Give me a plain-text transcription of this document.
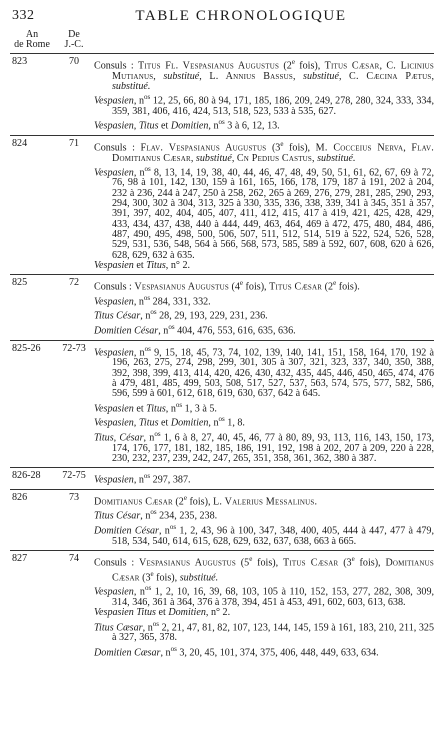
332	TABLE CHRONOLOGIQUE
An
de Rome
De
J.-C.
823	70	Consuls : Titus Fl. Vespasianus Augustus (2e fois), Titus Cæsar, C. Licinius Mutianus, substitué, L. Annius Bassus, substitué, C. Cæcina Pætus, substitué.
Vespasien, $n^{os}$ 12, 25, 66, 80 à 94, 171, 185, 186, 209, 249, 278, 280, 324, 333, 334, 359, 381, 406, 416, 424, 513, 518, 523, 533 à 535, 627.
Vespasien, Titus et Domitien, $n^{os}$ 3 à 6, 12, 13.
824	71	Consuls : Flav. Vespasianus Augustus (3e fois), M. Cocceius Nerva, Flav. Domitianus Cæsar, substitué, Cn Pedius Castus, substitué.
Vespasien, $n^{os}$ 8, 13, 14, 19, 38, 40, 44, 46, 47, 48, 49, 50, 51, 61, 62, 67, 69 à 72, 76, 98 à 101, 142, 130, 159 à 161, 165, 166, 178, 179, 187 à 191, 202 à 204, 232 à 236, 244 à 247, 250 à 258, 262, 265 à 269, 276, 279, 281, 285, 290, 293, 294, 300, 302 à 304, 313, 325 à 330, 335, 336, 338, 339, 341 à 345, 351 à 357, 391, 397, 402, 404, 405, 407, 411, 412, 415, 417 à 419, 421, 425, 428, 429, 433, 434, 437, 438, 440 à 444, 449, 463, 464, 469 à 472, 475, 480, 484, 486, 487, 490, 495, 498, 500, 506, 507, 511, 512, 514, 519 à 522, 524, 526, 528, 529, 531, 536, 548, 564 à 566, 568, 573, 585, 589 à 592, 607, 608, 620 à 626, 628, 629, 632 à 635.
Vespasien et Titus, n° 2.
825	72	Consuls : Vespasianus Augustus (4e fois), Titus Cæsar (2e fois).
Vespasien, $n^{os}$ 284, 331, 332.
Titus César, $n^{os}$ 28, 29, 193, 229, 231, 236.
Domitien César, $n^{os}$ 404, 476, 553, 616, 635, 636.
825-26	72-73 Vespasien, $n^{os}$ 9, 15, 18, 45, 73, 74, 102, 139, 140, 141, 151, 158, 164, 170, 192 à 196, 263, 275, 274, 298, 299, 301, 305 à 307, 321, 323, 337, 340, 350, 388, 392, 398, 399, 413, 414, 420, 426, 430, 432, 435, 445, 446, 450, 465, 474, 476 à 479, 481, 485, 499, 503, 508, 517, 527, 537, 563, 574, 575, 577, 582, 586, 596, 599 à 601, 612, 618, 619, 630, 637, 642 à 645.
Vespasien et Titus, $n^{os}$ 1, 3 à 5.
Vespasien, Titus et Domitien, $n^{os}$ 1, 8.
Titus, César, $n^{os}$ 1, 6 à 8, 27, 40, 45, 46, 77 à 80, 89, 93, 113, 116, 143, 150, 173, 174, 176, 177, 181, 182, 185, 186, 191, 192, 198 à 202, 207 à 209, 220 à 228, 230, 232, 237, 239, 242, 247, 265, 351, 358, 361, 362, 380 à 387.
826-28	72-75 Vespasien, $n^{os}$ 297, 387.
826	73	Domitianus Cæsar (2e fois), L. Valerius Messalinus.
Titus César, $n^{os}$ 234, 235, 238.
Domitien César, $n^{os}$ 1, 2, 43, 96 à 100, 347, 348, 400, 405, 444 à 447, 477 à 479, 518, 534, 540, 614, 615, 628, 629, 632, 637, 638, 663 à 665.
827	74	Consuls : Vespasianus Augustus (5e fois), Titus Cæsar (3e fois), Domitianus Cæsar (3e fois), substitué.
Vespasien, $n^{os}$ 1, 2, 10, 16, 39, 68, 103, 105 à 110, 152, 153, 277, 282, 308, 309, 314, 346, 361 à 364, 376 à 378, 394, 451 à 453, 491, 602, 603, 613, 638.
Vespasien Titus et Domitien, n° 2.
Titus Cæsar, $n^{os}$ 2, 21, 47, 81, 82, 107, 123, 144, 145, 159 à 161, 183, 210, 211, 325 à 327, 365, 378.
Domitien Cæsar, $n^{os}$ 3, 20, 45, 101, 374, 375, 406, 448, 449, 633, 634.
